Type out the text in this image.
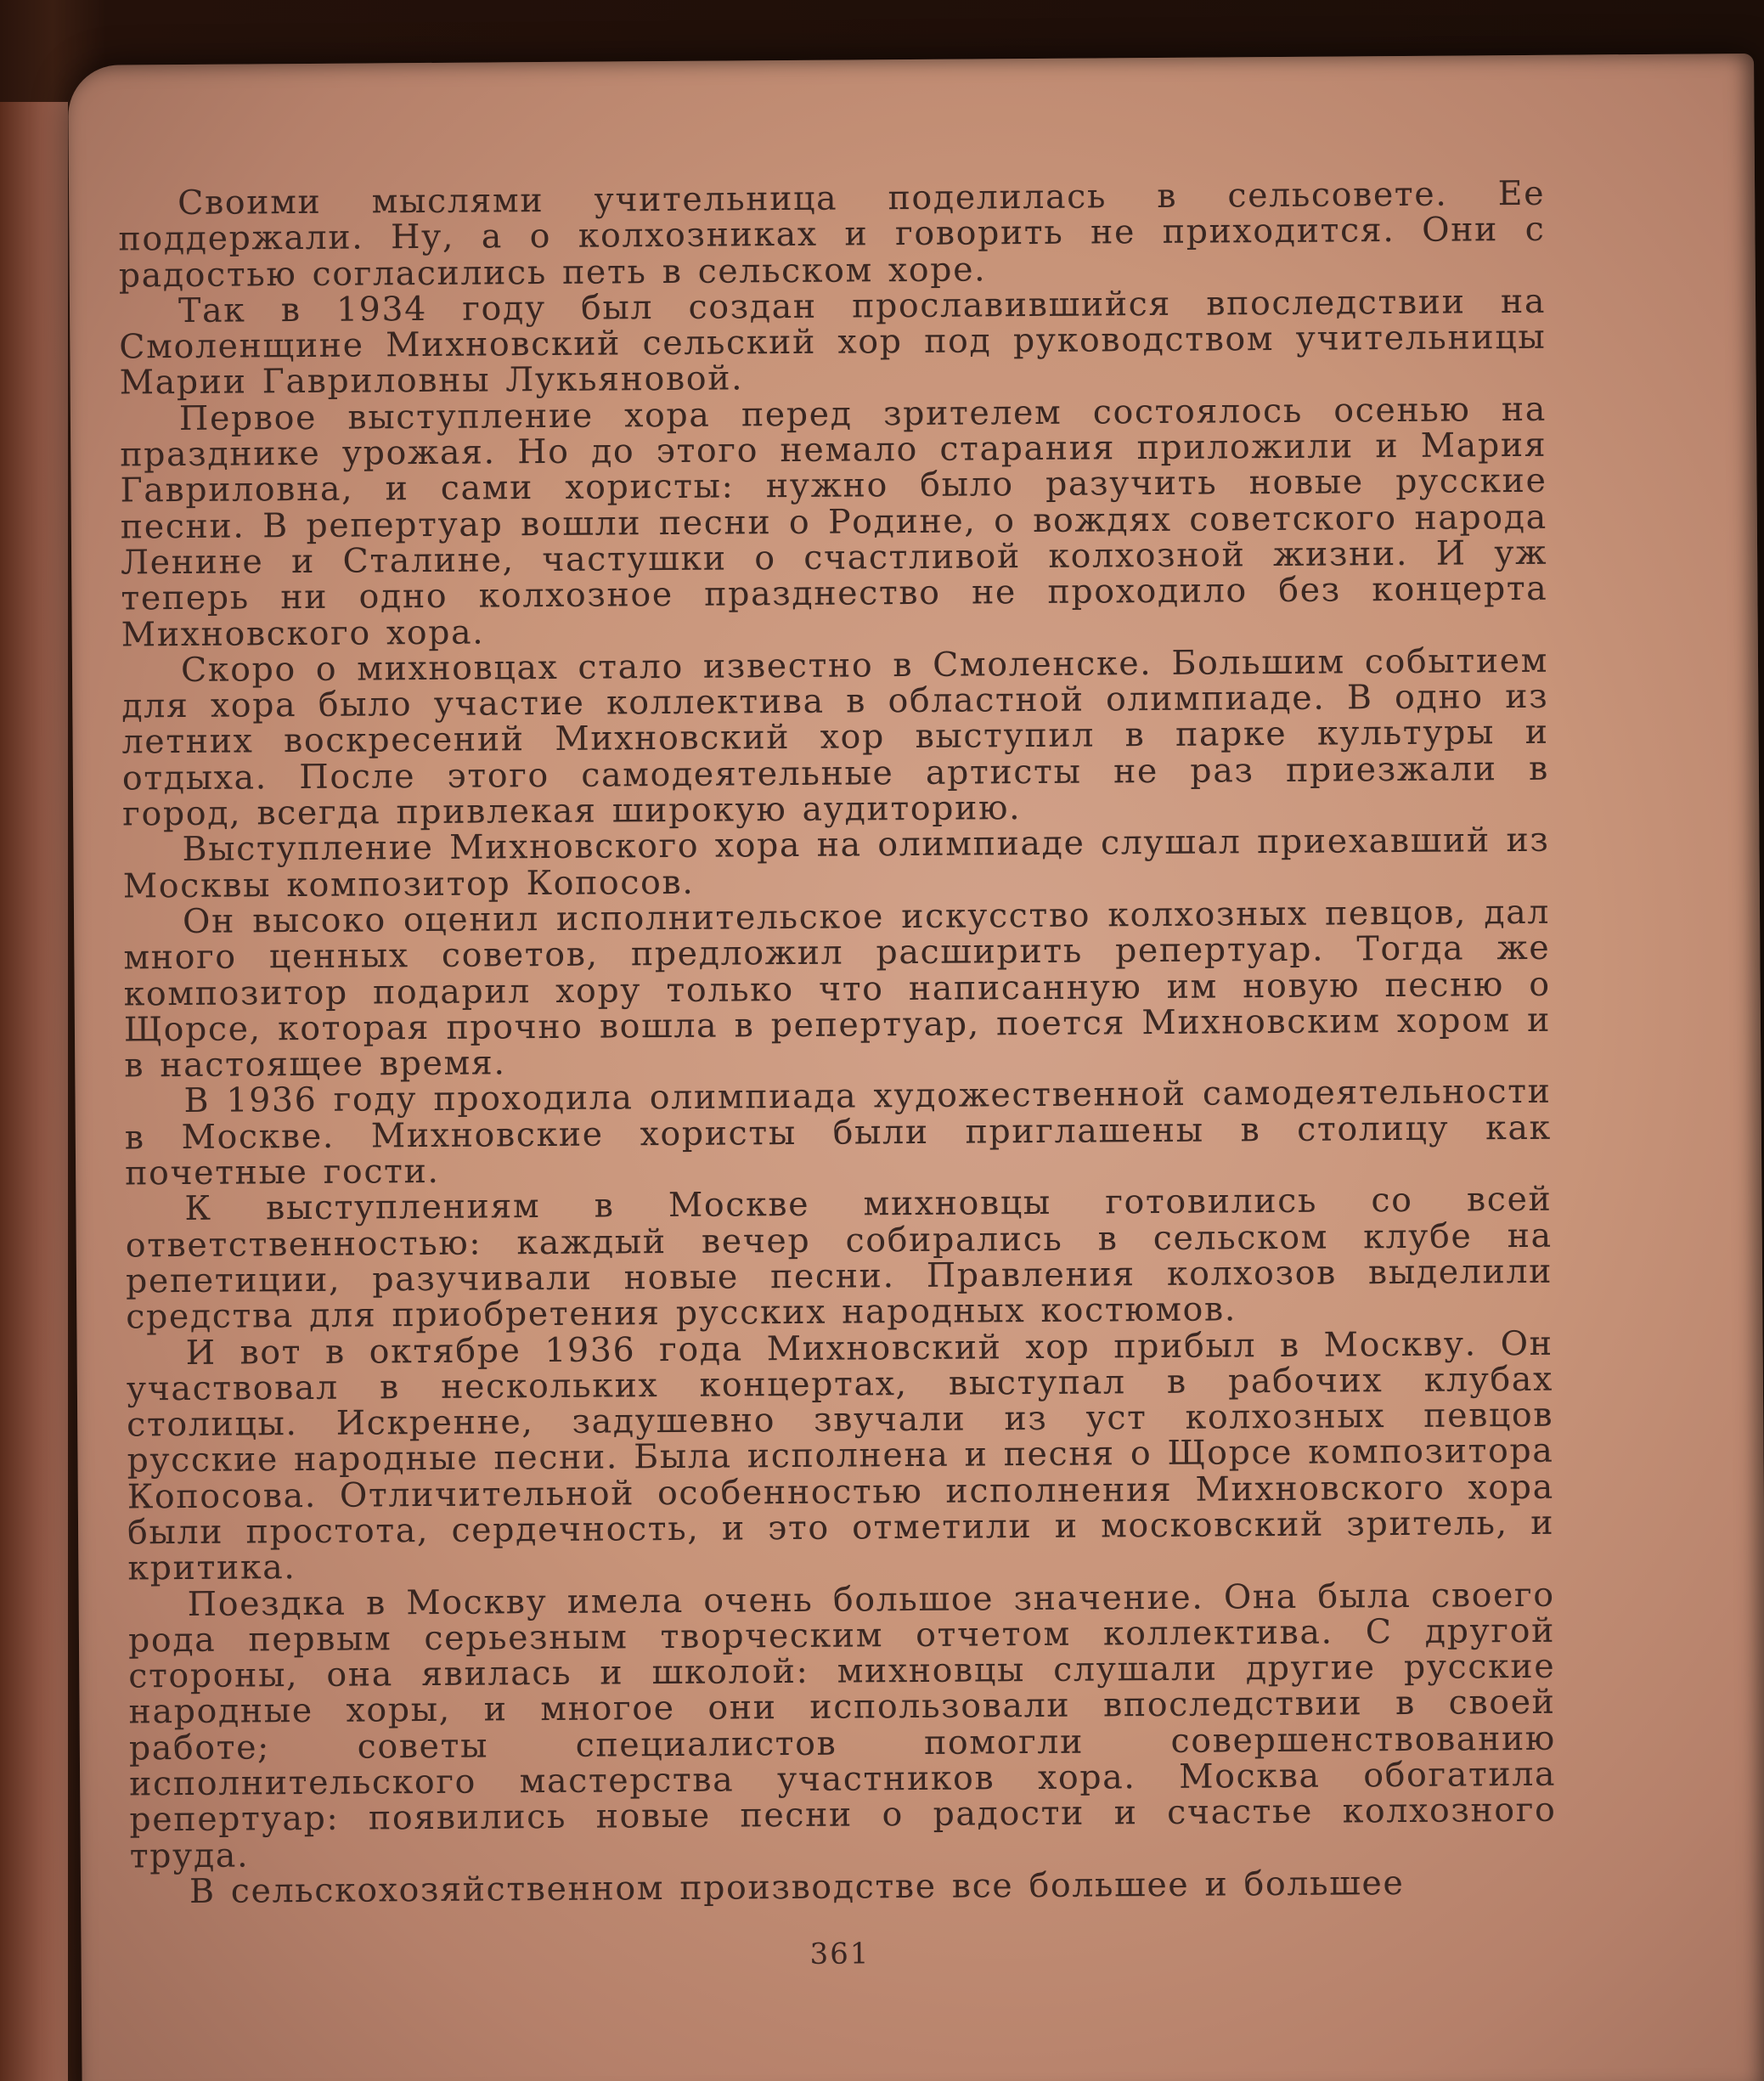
Своими мыслями учительница поделилась в сельсовете. Ее поддержали. Ну, а о колхозниках и говорить не приходится. Они с радостью согласились петь в сельском хоре.

Так в 1934 году был создан прославившийся впоследствии на Смоленщине Михновский сельский хор под руководством учительницы Марии Гавриловны Лукьяновой.

Первое выступление хора перед зрителем состоялось осенью на празднике урожая. Но до этого немало старания приложили и Мария Гавриловна, и сами хористы: нужно было разучить новые русские песни. В репертуар вошли песни о Родине, о вождях советского народа Ленине и Сталине, частушки о счастливой колхозной жизни. И уж теперь ни одно колхозное празднество не проходило без концерта Михновского хора.

Скоро о михновцах стало известно в Смоленске. Большим событием для хора было участие коллектива в областной олимпиаде. В одно из летних воскресений Михновский хор выступил в парке культуры и отдыха. После этого самодеятельные артисты не раз приезжали в город, всегда привлекая широкую аудиторию.

Выступление Михновского хора на олимпиаде слушал приехавший из Москвы композитор Копосов.

Он высоко оценил исполнительское искусство колхозных певцов, дал много ценных советов, предложил расширить репертуар. Тогда же композитор подарил хору только что написанную им новую песню о Щорсе, которая прочно вошла в репертуар, поется Михновским хором и в настоящее время.

В 1936 году проходила олимпиада художественной самодеятельности в Москве. Михновские хористы были приглашены в столицу как почетные гости.

К выступлениям в Москве михновцы готовились со всей ответственностью: каждый вечер собирались в сельском клубе на репетиции, разучивали новые песни. Правления колхозов выделили средства для приобретения русских народных костюмов.

И вот в октябре 1936 года Михновский хор прибыл в Москву. Он участвовал в нескольких концертах, выступал в рабочих клубах столицы. Искренне, задушевно звучали из уст колхозных певцов русские народные песни. Была исполнена и песня о Щорсе композитора Копосова. Отличительной особенностью исполнения Михновского хора были простота, сердечность, и это отметили и московский зритель, и критика.

Поездка в Москву имела очень большое значение. Она была своего рода первым серьезным творческим отчетом коллектива. С другой стороны, она явилась и школой: михновцы слушали другие русские народные хоры, и многое они использовали впоследствии в своей работе; советы специалистов помогли совершенствованию исполнительского мастерства участников хора. Москва обогатила репертуар: появились новые песни о радости и счастье колхозного труда.

В сельскохозяйственном производстве все большее и большее

361
